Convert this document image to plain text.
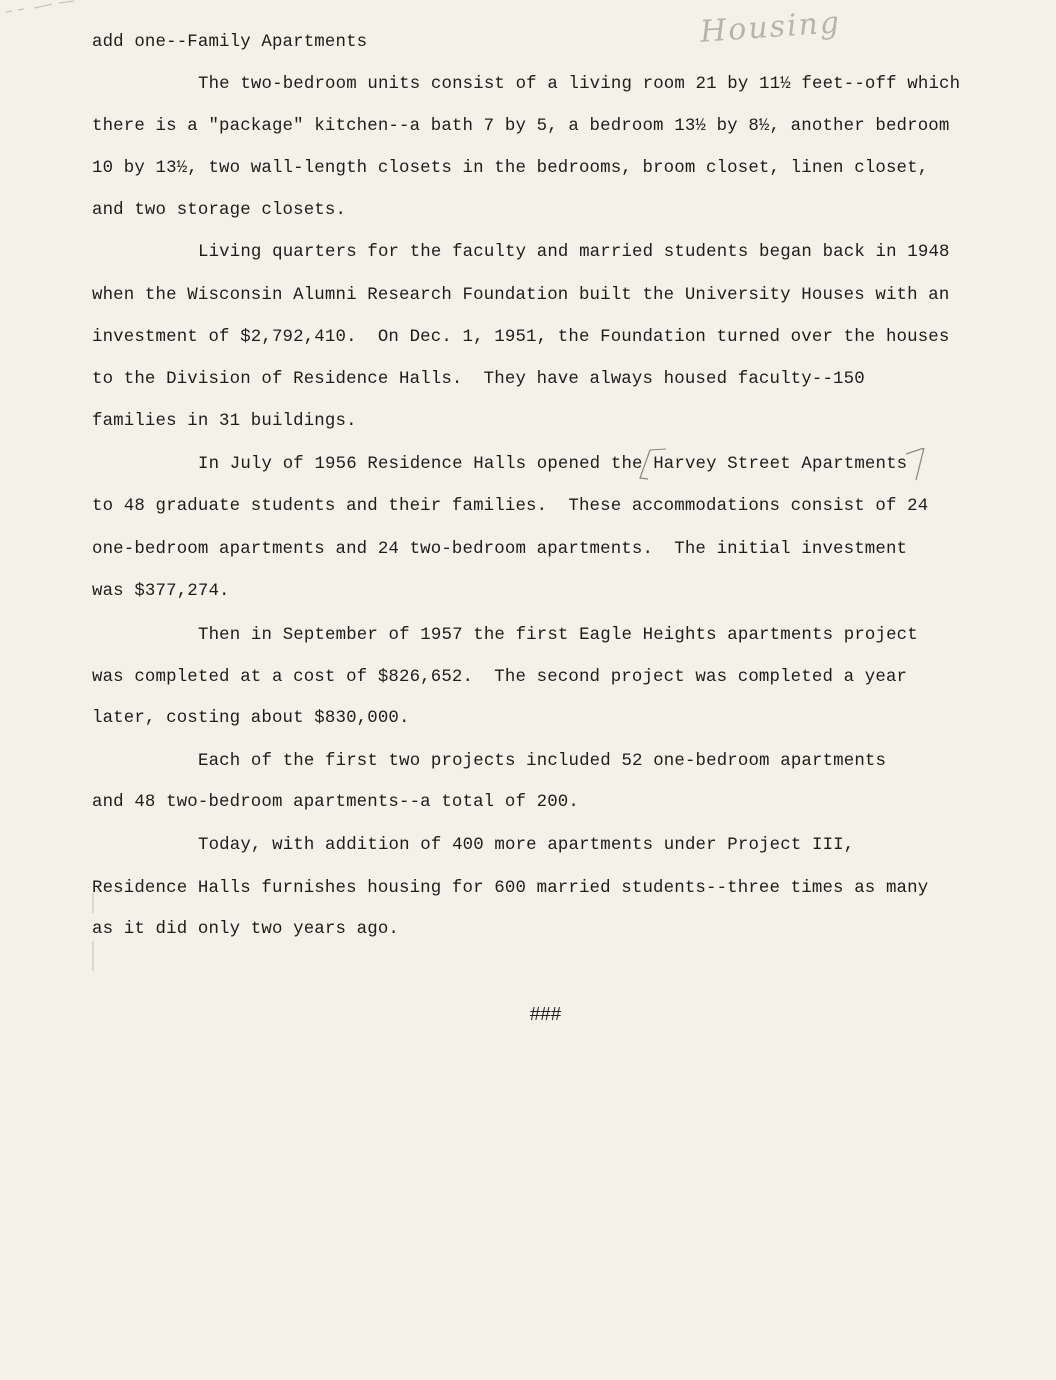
Housing
add one--Family Apartments
The two-bedroom units consist of a living room 21 by 11½ feet--off which
there is a "package" kitchen--a bath 7 by 5, a bedroom 13½ by 8½, another bedroom
10 by 13½, two wall-length closets in the bedrooms, broom closet, linen closet,
and two storage closets.
Living quarters for the faculty and married students began back in 1948
when the Wisconsin Alumni Research Foundation built the University Houses with an
investment of $2,792,410.  On Dec. 1, 1951, the Foundation turned over the houses
to the Division of Residence Halls.  They have always housed faculty--150
families in 31 buildings.
In July of 1956 Residence Halls opened the Harvey Street Apartments
to 48 graduate students and their families.  These accommodations consist of 24
one-bedroom apartments and 24 two-bedroom apartments.  The initial investment
was $377,274.
Then in September of 1957 the first Eagle Heights apartments project
was completed at a cost of $826,652.  The second project was completed a year
later, costing about $830,000.
Each of the first two projects included 52 one-bedroom apartments
and 48 two-bedroom apartments--a total of 200.
Today, with addition of 400 more apartments under Project III,
Residence Halls furnishes housing for 600 married students--three times as many
as it did only two years ago.
###
